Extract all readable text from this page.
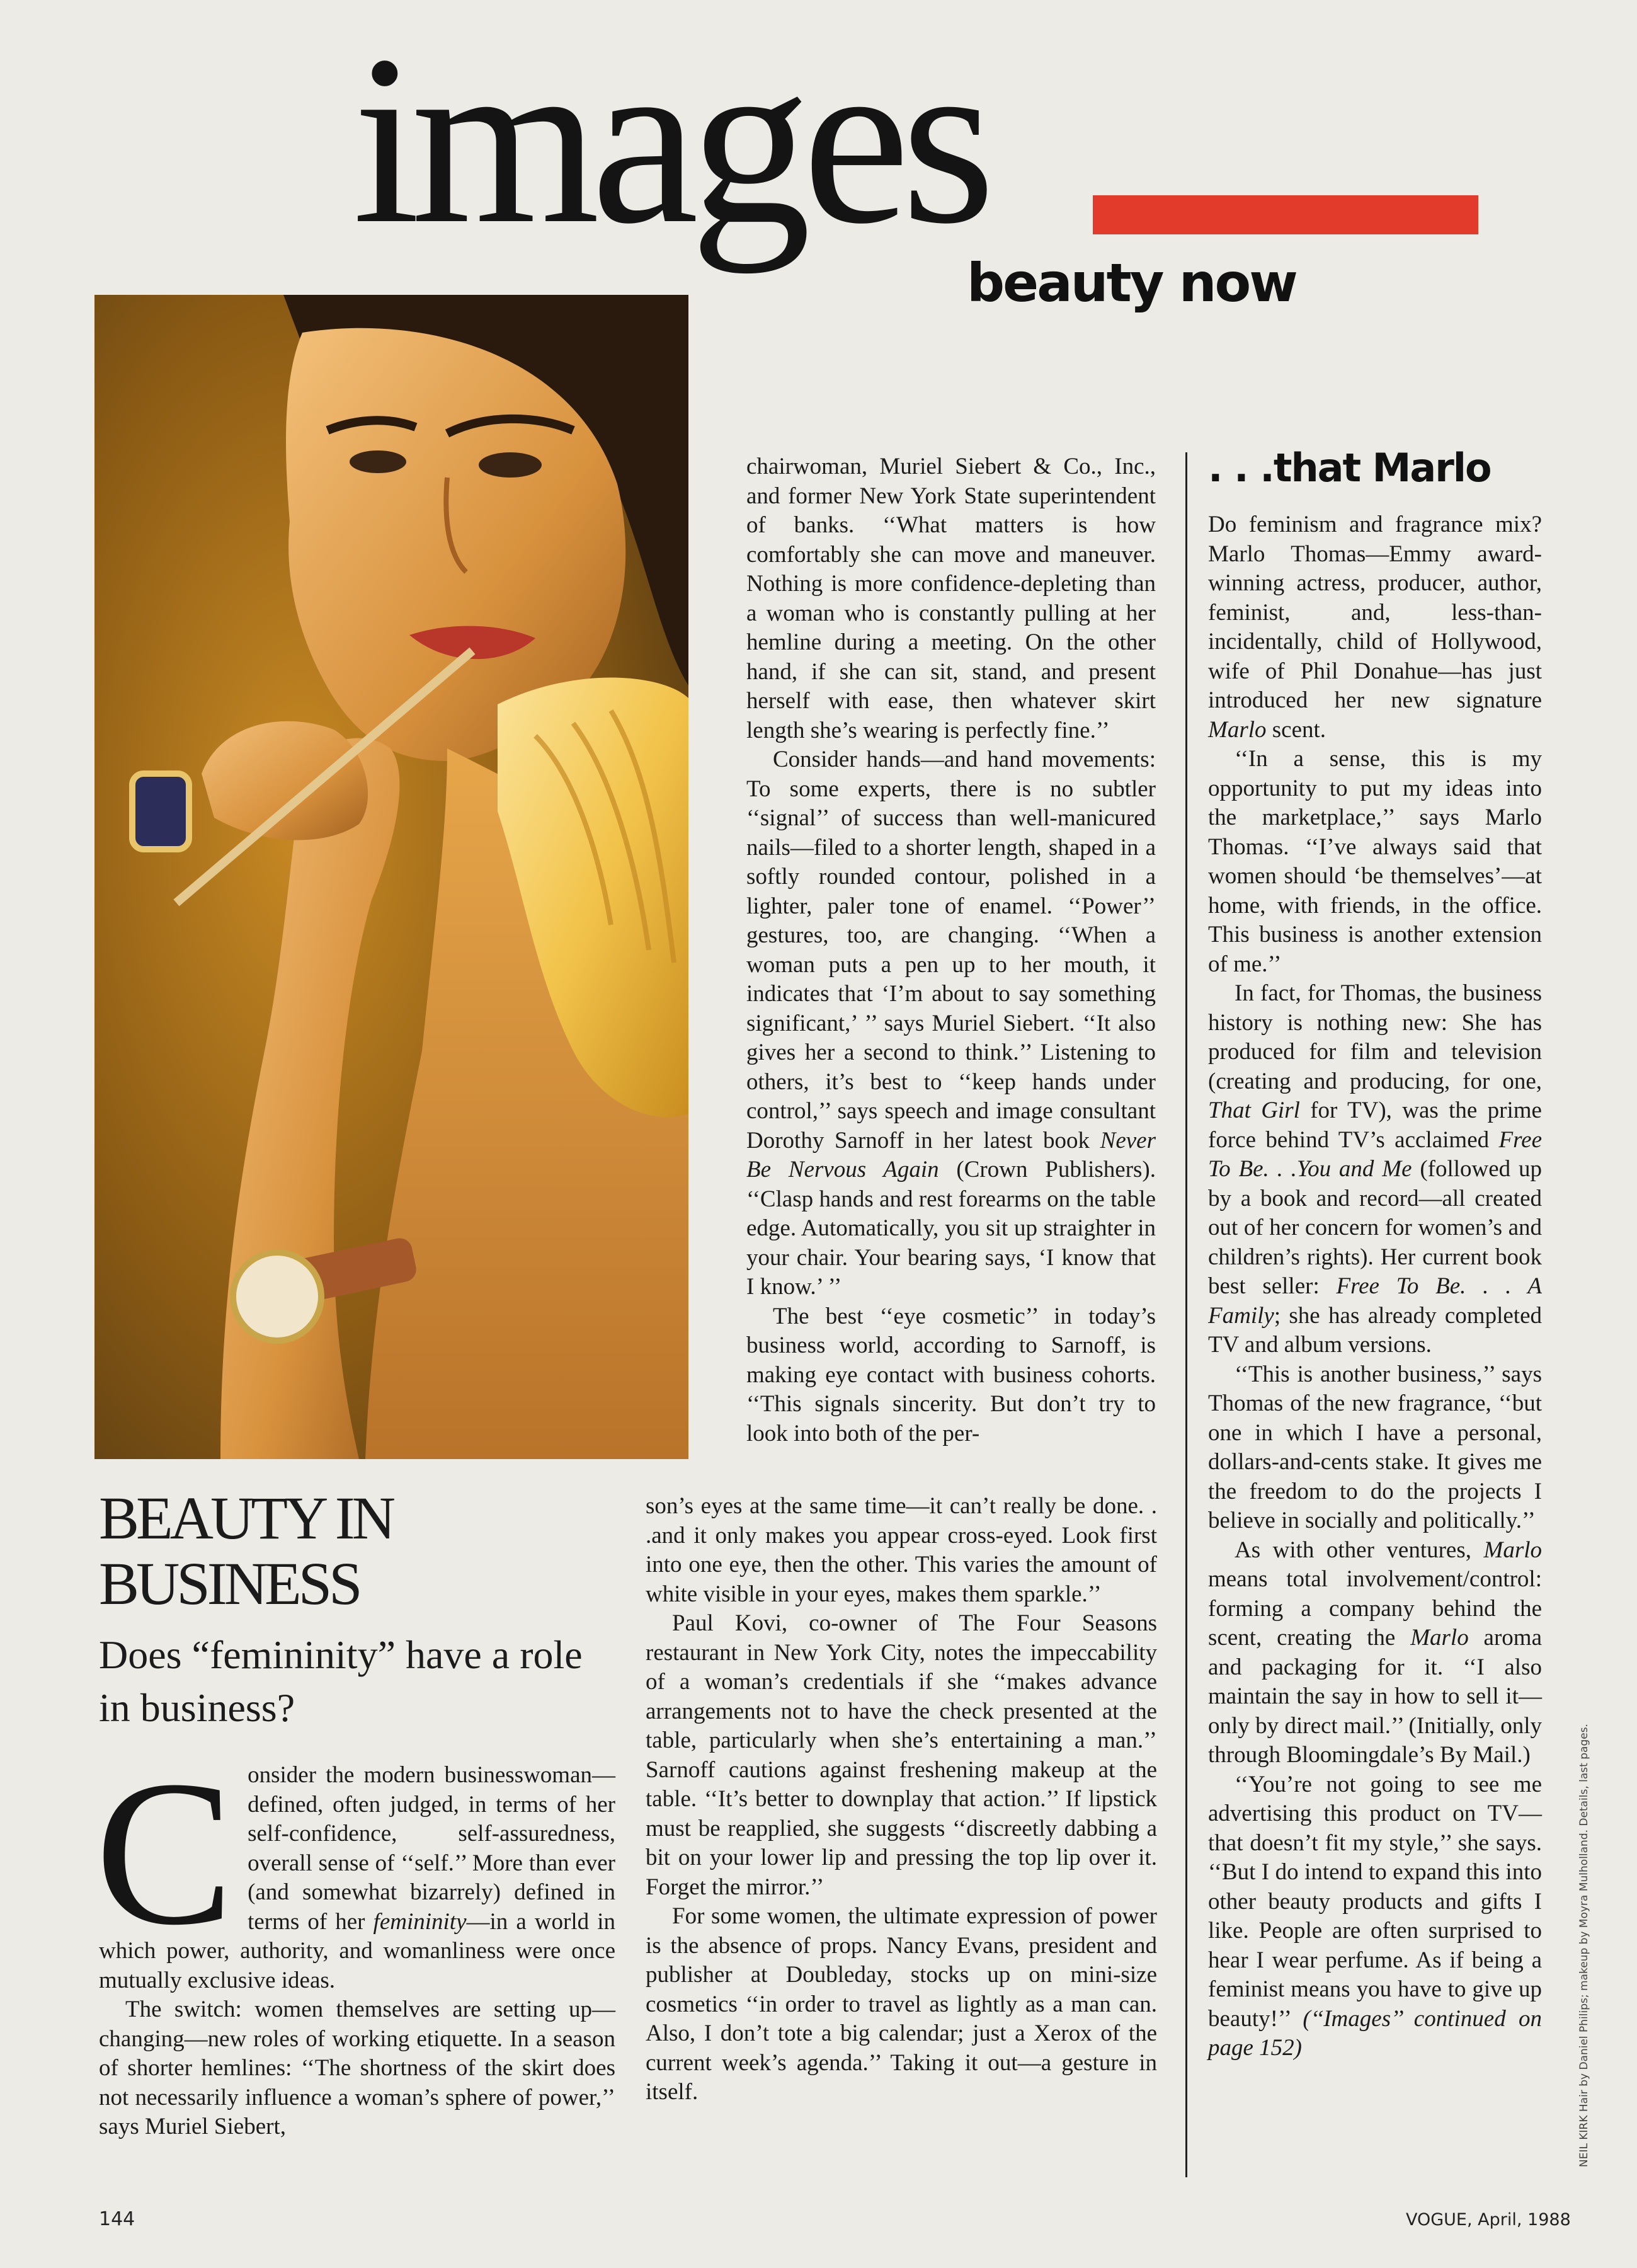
images
beauty now
BEAUTY IN BUSINESS
Does “femininity” have a role in business?

Consider the modern businesswoman—defined, often judged, in terms of her self-confidence, self-assuredness, overall sense of ‘‘self.’’ More than ever (and somewhat bizarrely) defined in terms of her femininity—in a world in which power, authority, and womanliness were once mutually exclusive ideas.

The switch: women themselves are setting up—changing—new roles of working etiquette. In a season of shorter hemlines: ‘‘The shortness of the skirt does not necessarily influence a woman’s sphere of power,’’ says Muriel Siebert,

chairwoman, Muriel Siebert & Co., Inc., and former New York State superintendent of banks. ‘‘What matters is how comfortably she can move and maneuver. Nothing is more confidence-depleting than a woman who is constantly pulling at her hemline during a meeting. On the other hand, if she can sit, stand, and present herself with ease, then whatever skirt length she’s wearing is perfectly fine.’’

Consider hands—and hand movements: To some experts, there is no subtler ‘‘signal’’ of success than well-manicured nails—filed to a shorter length, shaped in a softly rounded contour, polished in a lighter, paler tone of enamel. ‘‘Power’’ gestures, too, are changing. ‘‘When a woman puts a pen up to her mouth, it indicates that ‘I’m about to say something significant,’ ’’ says Muriel Siebert. ‘‘It also gives her a second to think.’’ Listening to others, it’s best to ‘‘keep hands under control,’’ says speech and image consultant Dorothy Sarnoff in her latest book Never Be Nervous Again (Crown Publishers). ‘‘Clasp hands and rest forearms on the table edge. Automatically, you sit up straighter in your chair. Your bearing says, ‘I know that I know.’ ’’

The best ‘‘eye cosmetic’’ in today’s business world, according to Sarnoff, is making eye contact with business cohorts. ‘‘This signals sincerity. But don’t try to look into both of the per-

son’s eyes at the same time—it can’t really be done. . .and it only makes you appear cross-eyed. Look first into one eye, then the other. This varies the amount of white visible in your eyes, makes them sparkle.’’

Paul Kovi, co-owner of The Four Seasons restaurant in New York City, notes the impeccability of a woman’s credentials if she ‘‘makes advance arrangements not to have the check presented at the table, particularly when she’s entertaining a man.’’ Sarnoff cautions against freshening makeup at the table. ‘‘It’s better to downplay that action.’’ If lipstick must be reapplied, she suggests ‘‘discreetly dabbing a bit on your lower lip and pressing the top lip over it. Forget the mirror.’’

For some women, the ultimate expression of power is the absence of props. Nancy Evans, president and publisher at Doubleday, stocks up on mini-size cosmetics ‘‘in order to travel as lightly as a man can. Also, I don’t tote a big calendar; just a Xerox of the current week’s agenda.’’ Taking it out—a gesture in itself.

. . .that Marlo

Do feminism and fragrance mix? Marlo Thomas—Emmy award-winning actress, producer, author, feminist, and, less-than-incidentally, child of Hollywood, wife of Phil Donahue—has just introduced her new signature Marlo scent.

‘‘In a sense, this is my opportunity to put my ideas into the marketplace,’’ says Marlo Thomas. ‘‘I’ve always said that women should ‘be themselves’—at home, with friends, in the office. This business is another extension of me.’’

In fact, for Thomas, the business history is nothing new: She has produced for film and television (creating and producing, for one, That Girl for TV), was the prime force behind TV’s acclaimed Free To Be. . .You and Me (followed up by a book and record—all created out of her concern for women’s and children’s rights). Her current book best seller: Free To Be. . . A Family; she has already completed TV and album versions.

‘‘This is another business,’’ says Thomas of the new fragrance, ‘‘but one in which I have a personal, dollars-and-cents stake. It gives me the freedom to do the projects I believe in socially and politically.’’

As with other ventures, Marlo means total involvement/control: forming a company behind the scent, creating the Marlo aroma and packaging for it. ‘‘I also maintain the say in how to sell it—only by direct mail.’’ (Initially, only through Bloomingdale’s By Mail.)

‘‘You’re not going to see me advertising this product on TV—that doesn’t fit my style,’’ she says. ‘‘But I do intend to expand this into other beauty products and gifts I like. People are often surprised to hear I wear perfume. As if being a feminist means you have to give up beauty!’’ (‘‘Images’’ continued on page 152)	NEIL KIRK Hair by Daniel Philips; makeup by Moyra Mulholland. Details, last pages.
144	VOGUE, April, 1988
